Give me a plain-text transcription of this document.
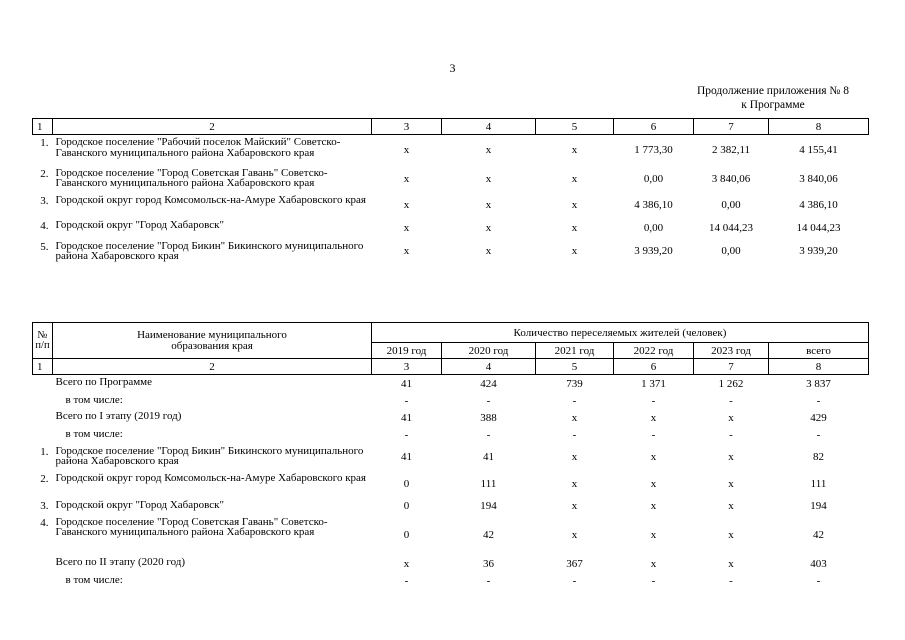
3
Продолжение приложения № 8
к Программе
1	2	3	4	5	6	7	8
1.	Городское поселение "Рабочий поселок Майский" Советско-Гаванского муниципального района Хабаровского края	x	x	x	1 773,30	2 382,11	4 155,41
2.	Городское поселение "Город Советская Гавань" Советско-Гаванского муниципального района Хабаровского края	x	x	x	0,00	3 840,06	3 840,06
3.	Городской округ город Комсомольск-на-Амуре Хабаровского края	x	x	x	4 386,10	0,00	4 386,10
4.	Городской округ "Город Хабаровск"	x	x	x	0,00	14 044,23	14 044,23
5.	Городское поселение "Город Бикин" Бикинского муниципального района Хабаровского края	x	x	x	3 939,20	0,00	3 939,20
№ п/п	Наименование муниципального образования края	Количество переселяемых жителей (человек)					
		2019 год	2020 год	2021 год	2022 год	2023 год	всего
1	2	3	4	5	6	7	8
	Всего по Программе	41	424	739	1 371	1 262	3 837
	в том числе:	-	-	-	-	-	-
	Всего по I этапу (2019 год)	41	388	x	x	x	429
	в том числе:	-	-	-	-	-	-
1.	Городское поселение "Город Бикин" Бикинского муниципального района Хабаровского края	41	41	x	x	x	82
2.	Городской округ город Комсомольск-на-Амуре Хабаровского края	0	111	x	x	x	111
3.	Городской округ "Город Хабаровск"	0	194	x	x	x	194
4.	Городское поселение "Город Советская Гавань" Советско-Гаванского муниципального района Хабаровского края	0	42	x	x	x	42
	Всего по II этапу (2020 год)	x	36	367	x	x	403
	в том числе:	-	-	-	-	-	-
